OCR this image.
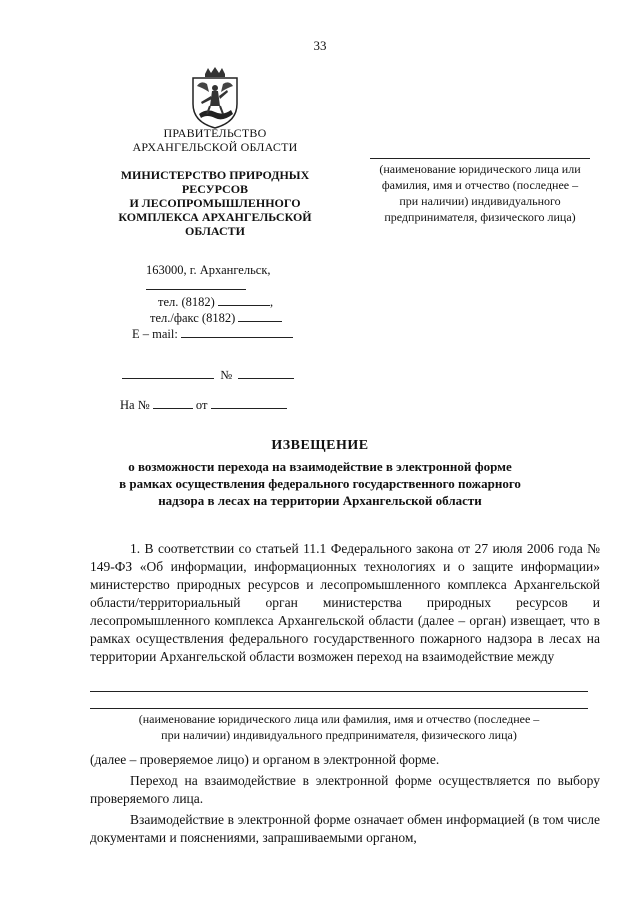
33
ПРАВИТЕЛЬСТВО
АРХАНГЕЛЬСКОЙ ОБЛАСТИ
МИНИСТЕРСТВО ПРИРОДНЫХ
РЕСУРСОВ
И ЛЕСОПРОМЫШЛЕННОГО
КОМПЛЕКСА АРХАНГЕЛЬСКОЙ
ОБЛАСТИ
163000, г. Архангельск,
тел. (8182)	,
тел./факс (8182)
E – mail:
№
На №	от
(наименование юридического лица или
фамилия, имя и отчество (последнее –
при наличии) индивидуального
предпринимателя, физического лица)
ИЗВЕЩЕНИЕ
о возможности перехода на взаимодействие в электронной форме
в рамках осуществления федерального государственного пожарного
надзора в лесах на территории Архангельской области
1. В соответствии со статьей 11.1 Федерального закона от 27 июля 2006 года № 149-ФЗ «Об информации, информационных технологиях и о защите информации» министерство природных ресурсов и лесопромышленного комплекса Архангельской области/территориальный орган министерства природных ресурсов и лесопромышленного комплекса Архангельской области (далее – орган) извещает, что в рамках осуществления федерального государственного пожарного надзора в лесах на территории Архангельской области возможен переход на взаимодействие между
(наименование юридического лица или фамилия, имя и отчество (последнее –
при наличии) индивидуального предпринимателя, физического лица)
(далее – проверяемое лицо) и органом в электронной форме.
Переход на взаимодействие в электронной форме осуществляется по выбору проверяемого лица.
Взаимодействие в электронной форме означает обмен информацией (в том числе документами и пояснениями, запрашиваемыми органом,
